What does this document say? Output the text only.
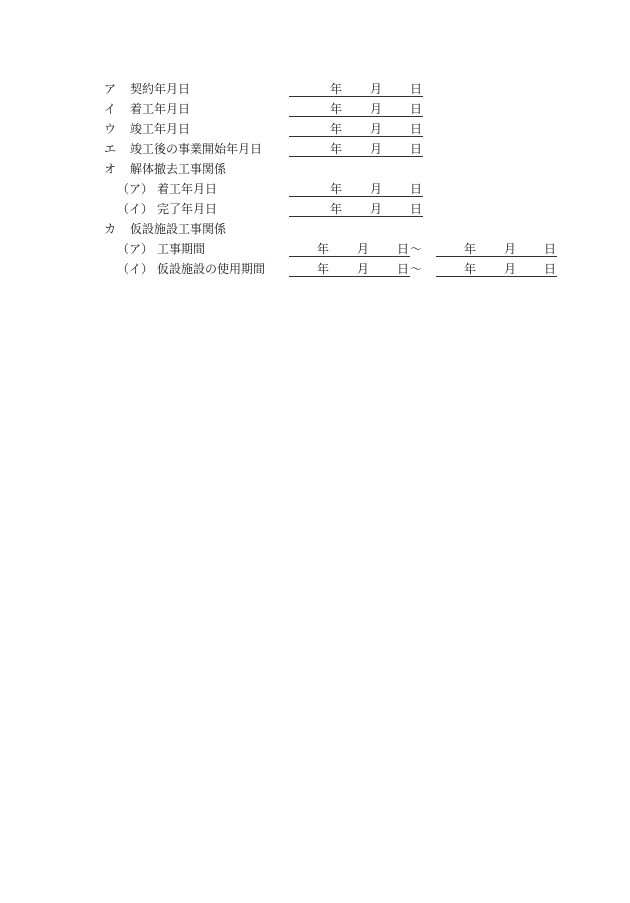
ア 契約年月日	年 月 日
イ 着工年月日	年 月 日
ウ 竣工年月日	年 月 日
エ 竣工後の事業開始年月日	年 月 日
オ 解体撤去工事関係
（ア） 着工年月日	年 月 日
（イ） 完了年月日	年 月 日
カ 仮設施設工事関係
（ア） 工事期間	年 月 日 〜	年 月 日
（イ） 仮設施設の使用期間	年 月 日 〜	年 月 日
